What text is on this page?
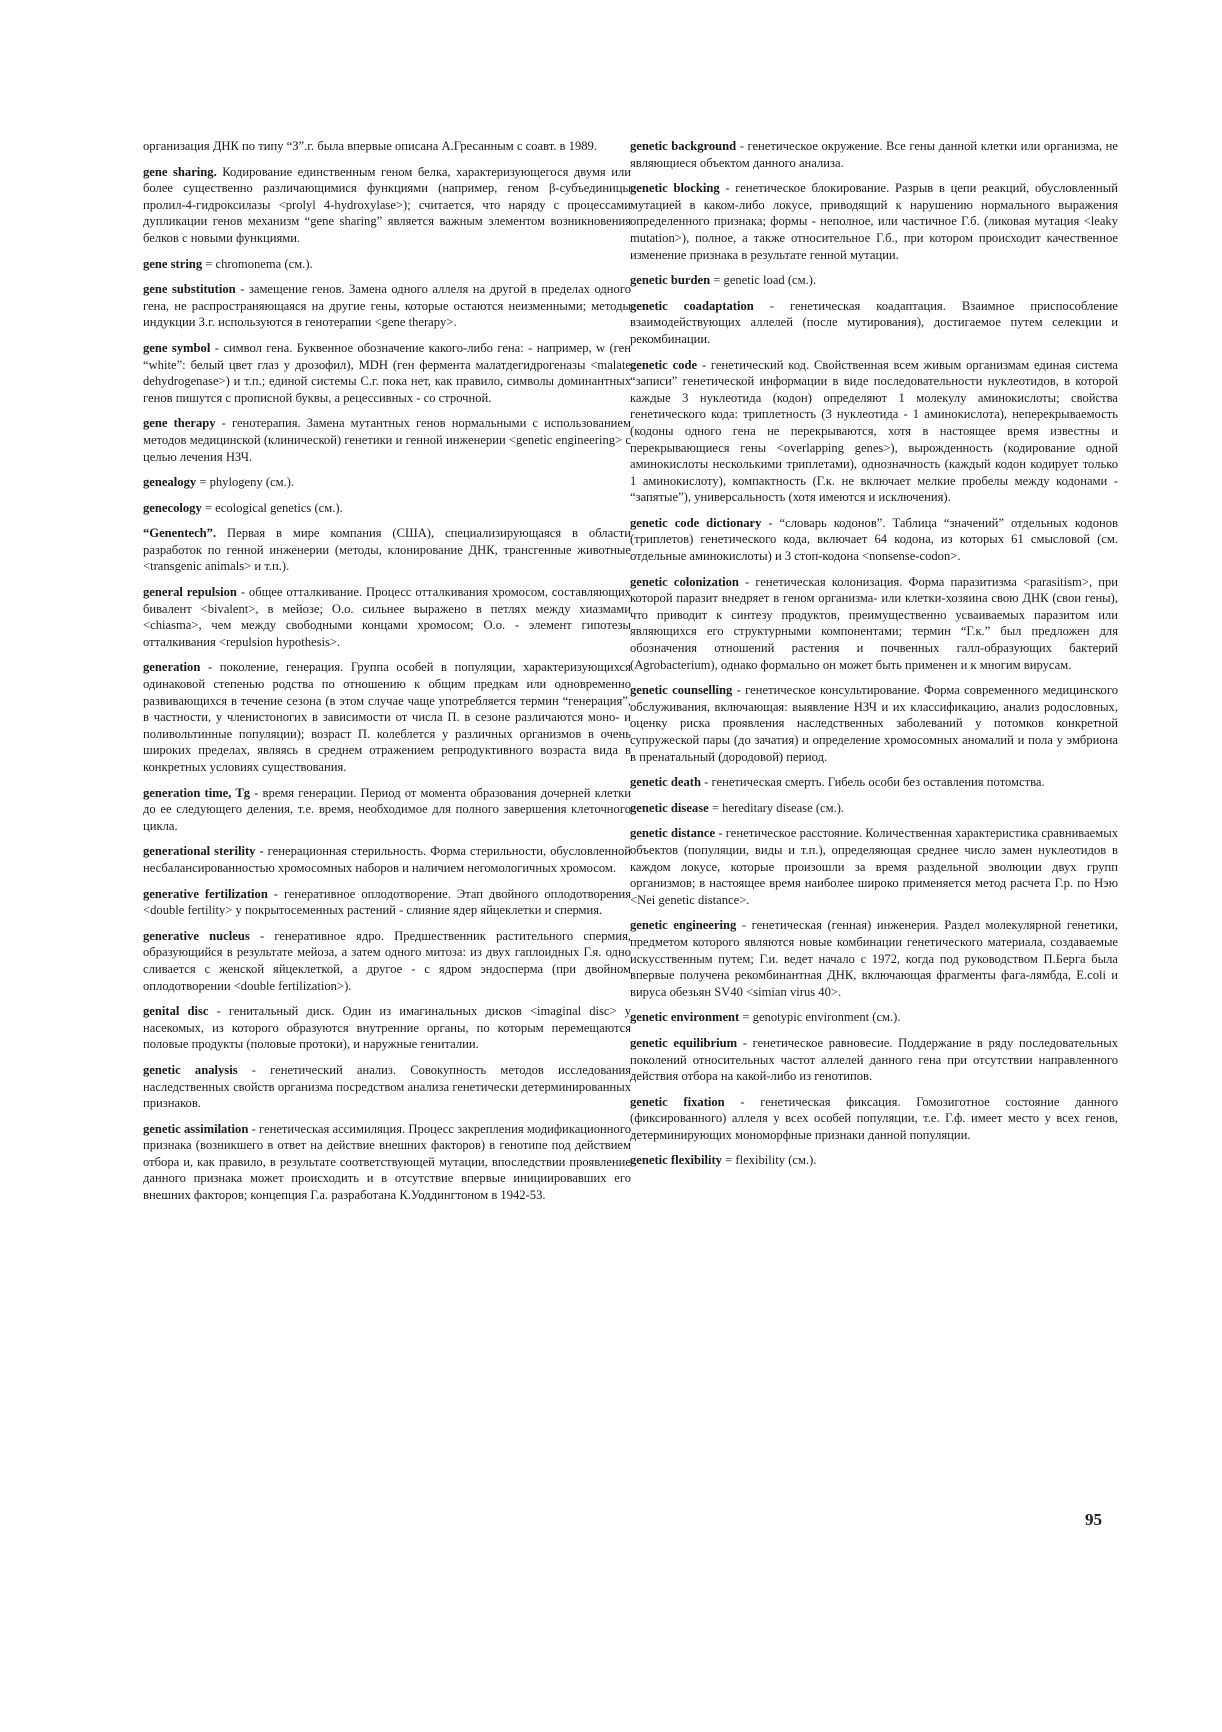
организация ДНК по типу “З”.г. была впервые описана А.Гресанным с соавт. в 1989.

gene sharing. Кодирование единственным геном белка, характеризующегося двумя или более существенно различающимися функциями (например, геном β-субъединицы пролил-4-гидроксилазы <prolyl 4-hydroxylase>); считается, что наряду с процессами дупликации генов механизм “gene sharing” является важным элементом возникновения белков с новыми функциями.

gene string = chromonema (см.).

gene substitution - замещение генов. Замена одного аллеля на другой в пределах одного гена, не распространяющаяся на другие гены, которые остаются неизменными; методы индукции З.г. используются в генотерапии <gene therapy>.

gene symbol - символ гена. Буквенное обозначение какого-либо гена: - например, w (ген “white”: белый цвет глаз у дрозофил), MDH (ген фермента малатдегидрогеназы <malate dehydrogenase>) и т.п.; единой системы С.г. пока нет, как правило, символы доминантных генов пишутся с прописной буквы, а рецессивных - со строчной.

gene therapy - генотерапия. Замена мутантных генов нормальными с использованием методов медицинской (клинической) генетики и генной инженерии <genetic engineering> с целью лечения НЗЧ.

genealogy = phylogeny (см.).

genecology = ecological genetics (см.).

“Genentech”. Первая в мире компания (США), специализирующаяся в области разработок по генной инженерии (методы, клонирование ДНК, трансгенные животные <transgenic animals> и т.п.).

general repulsion - общее отталкивание. Процесс отталкивания хромосом, составляющих бивалент <bivalent>, в мейозе; О.о. сильнее выражено в петлях между хиазмами <chiasma>, чем между свободными концами хромосом; О.о. - элемент гипотезы отталкивания <repulsion hypothesis>.

generation - поколение, генерация. Группа особей в популяции, характеризующихся одинаковой степенью родства по отношению к общим предкам или одновременно развивающихся в течение сезона (в этом случае чаще употребляется термин “генерация”, в частности, у членистоногих в зависимости от числа П. в сезоне различаются моно- и поливольтинные популяции); возраст П. колеблется у различных организмов в очень широких пределах, являясь в среднем отражением репродуктивного возраста вида в конкретных условиях существования.

generation time, Tg - время генерации. Период от момента образования дочерней клетки до ее следующего деления, т.е. время, необходимое для полного завершения клеточного цикла.

generational sterility - генерационная стерильность. Форма стерильности, обусловленной несбалансированностью хромосомных наборов и наличием негомологичных хромосом.

generative fertilization - генеративное оплодотворение. Этап двойного оплодотворения <double fertility> у покрытосеменных растений - слияние ядер яйцеклетки и спермия.

generative nucleus - генеративное ядро. Предшественник растительного спермия, образующийся в результате мейоза, а затем одного митоза: из двух гаплоидных Г.я. одно сливается с женской яйцеклеткой, а другое - с ядром эндосперма (при двойном оплодотворении <double fertilization>).

genital disc - генитальный диск. Один из имагинальных дисков <imaginal disc> у насекомых, из которого образуются внутренние органы, по которым перемещаются половые продукты (половые протоки), и наружные гениталии.

genetic analysis - генетический анализ. Совокупность методов исследования наследственных свойств организма посредством анализа генетически детерминированных признаков.

genetic assimilation - генетическая ассимиляция. Процесс закрепления модификационного признака (возникшего в ответ на действие внешних факторов) в генотипе под действием отбора и, как правило, в результате соответствующей мутации, впоследствии проявление данного признака может происходить и в отсутствие впервые инициировавших его внешних факторов; концепция Г.а. разработана К.Уоддингтоном в 1942-53.

genetic background - генетическое окружение. Все гены данной клетки или организма, не являющиеся объектом данного анализа.

genetic blocking - генетическое блокирование. Разрыв в цепи реакций, обусловленный мутацией в каком-либо локусе, приводящий к нарушению нормального выражения определенного признака; формы - неполное, или частичное Г.б. (ликовая мутация <leaky mutation>), полное, а также относительное Г.б., при котором происходит качественное изменение признака в результате генной мутации.

genetic burden = genetic load (см.).

genetic coadaptation - генетическая коадаптация. Взаимное приспособление взаимодействующих аллелей (после мутирования), достигаемое путем селекции и рекомбинации.

genetic code - генетический код. Свойственная всем живым организмам единая система “записи” генетической информации в виде последовательности нуклеотидов, в которой каждые 3 нуклеотида (кодон) определяют 1 молекулу аминокислоты; свойства генетического кода: триплетность (3 нуклеотида - 1 аминокислота), неперекрываемость (кодоны одного гена не перекрываются, хотя в настоящее время известны и перекрывающиеся гены <overlapping genes>), вырожденность (кодирование одной аминокислоты несколькими триплетами), однозначность (каждый кодон кодирует только 1 аминокислоту), компактность (Г.к. не включает мелкие пробелы между кодонами - “запятые”), универсальность (хотя имеются и исключения).

genetic code dictionary - “словарь кодонов”. Таблица “значений” отдельных кодонов (триплетов) генетического кода, включает 64 кодона, из которых 61 смысловой (см. отдельные аминокислоты) и 3 стоп-кодона <nonsense-codon>.

genetic colonization - генетическая колонизация. Форма паразитизма <parasitism>, при которой паразит внедряет в геном организма- или клетки-хозяина свою ДНК (свои гены), что приводит к синтезу продуктов, преимущественно усваиваемых паразитом или являющихся его структурными компонентами; термин “Г.к.” был предложен для обозначения отношений растения и почвенных галл-образующих бактерий (Agrobacterium), однако формально он может быть применен и к многим вирусам.

genetic counselling - генетическое консультирование. Форма современного медицинского обслуживания, включающая: выявление НЗЧ и их классификацию, анализ родословных, оценку риска проявления наследственных заболеваний у потомков конкретной супружеской пары (до зачатия) и определение хромосомных аномалий и пола у эмбриона в пренатальный (дородовой) период.

genetic death - генетическая смерть. Гибель особи без оставления потомства.

genetic disease = hereditary disease (см.).

genetic distance - генетическое расстояние. Количественная характеристика сравниваемых объектов (популяции, виды и т.п.), определяющая среднее число замен нуклеотидов в каждом локусе, которые произошли за время раздельной эволюции двух групп организмов; в настоящее время наиболее широко применяется метод расчета Г.р. по Нэю <Nei genetic distance>.

genetic engineering - генетическая (генная) инженерия. Раздел молекулярной генетики, предметом которого являются новые комбинации генетического материала, создаваемые искусственным путем; Г.и. ведет начало с 1972, когда под руководством П.Берга была впервые получена рекомбинантная ДНК, включающая фрагменты фага-лямбда, E.coli и вируса обезьян SV40 <simian virus 40>.

genetic environment = genotypic environment (см.).

genetic equilibrium - генетическое равновесие. Поддержание в ряду последовательных поколений относительных частот аллелей данного гена при отсутствии направленного действия отбора на какой-либо из генотипов.

genetic fixation - генетическая фиксация. Гомозиготное состояние данного (фиксированного) аллеля у всех особей популяции, т.е. Г.ф. имеет место у всех генов, детерминирующих мономорфные признаки данной популяции.

genetic flexibility = flexibility (см.).

95
